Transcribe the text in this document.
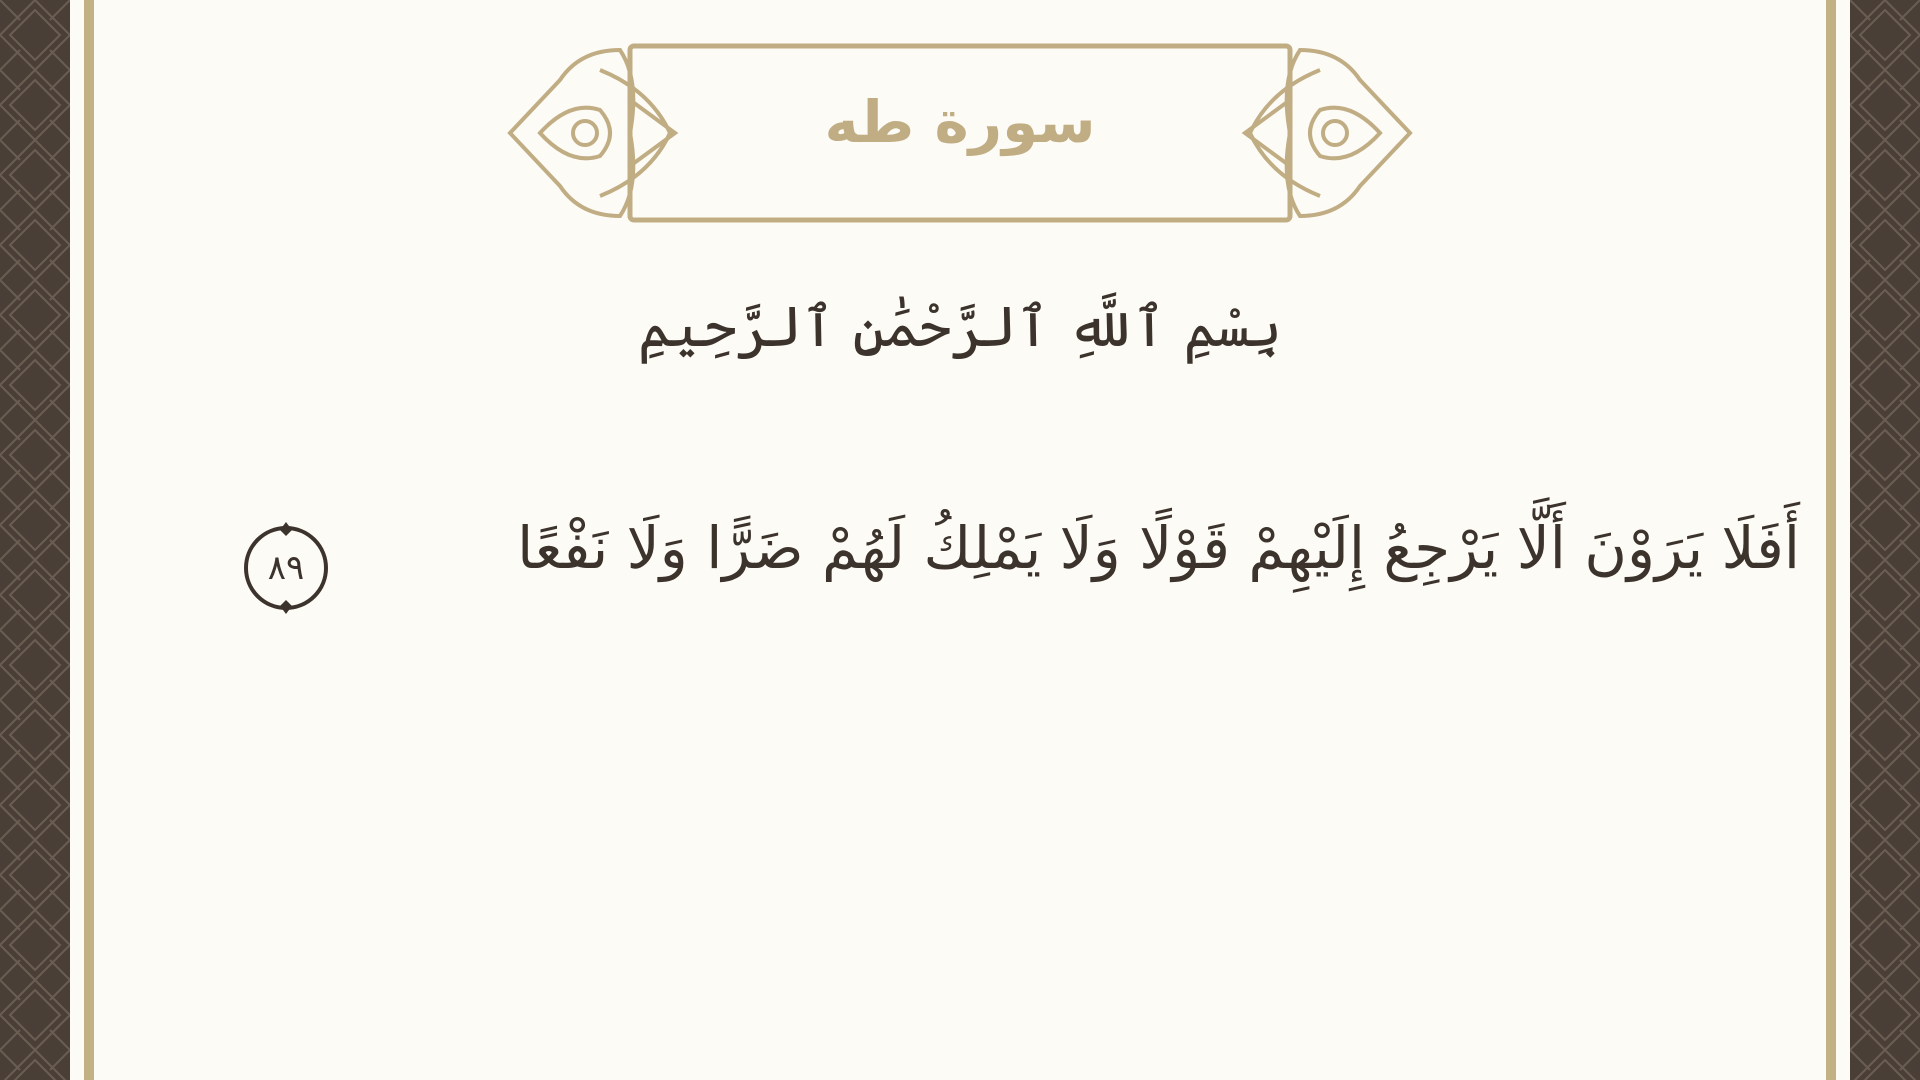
سورة طه
بِسْمِ ٱللَّهِ ٱلرَّحْمَٰنِ ٱلرَّحِيمِ
أَفَلَا يَرَوْنَ أَلَّا يَرْجِعُ إِلَيْهِمْ قَوْلًا وَلَا يَمْلِكُ لَهُمْ ضَرًّا وَلَا نَفْعًا
٨٩
